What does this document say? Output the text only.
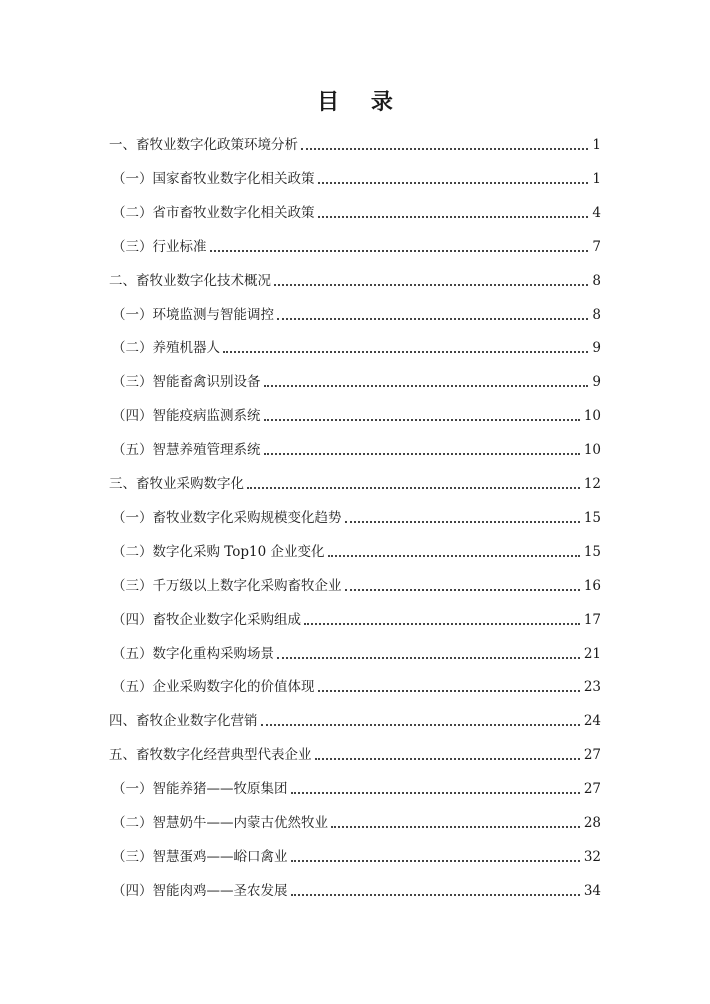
目 录
一、畜牧业数字化政策环境分析	1
（一）国家畜牧业数字化相关政策	1
（二）省市畜牧业数字化相关政策	4
（三）行业标准	7
二、畜牧业数字化技术概况	8
（一）环境监测与智能调控	8
（二）养殖机器人	9
（三）智能畜禽识别设备	9
（四）智能疫病监测系统	10
（五）智慧养殖管理系统	10
三、畜牧业采购数字化	12
（一）畜牧业数字化采购规模变化趋势	15
（二）数字化采购 Top10 企业变化	15
（三）千万级以上数字化采购畜牧企业	16
（四）畜牧企业数字化采购组成	17
（五）数字化重构采购场景	21
（五）企业采购数字化的价值体现	23
四、畜牧企业数字化营销	24
五、畜牧数字化经营典型代表企业	27
（一）智能养猪——牧原集团	27
（二）智慧奶牛——内蒙古优然牧业	28
（三）智慧蛋鸡——峪口禽业	32
（四）智能肉鸡——圣农发展	34
